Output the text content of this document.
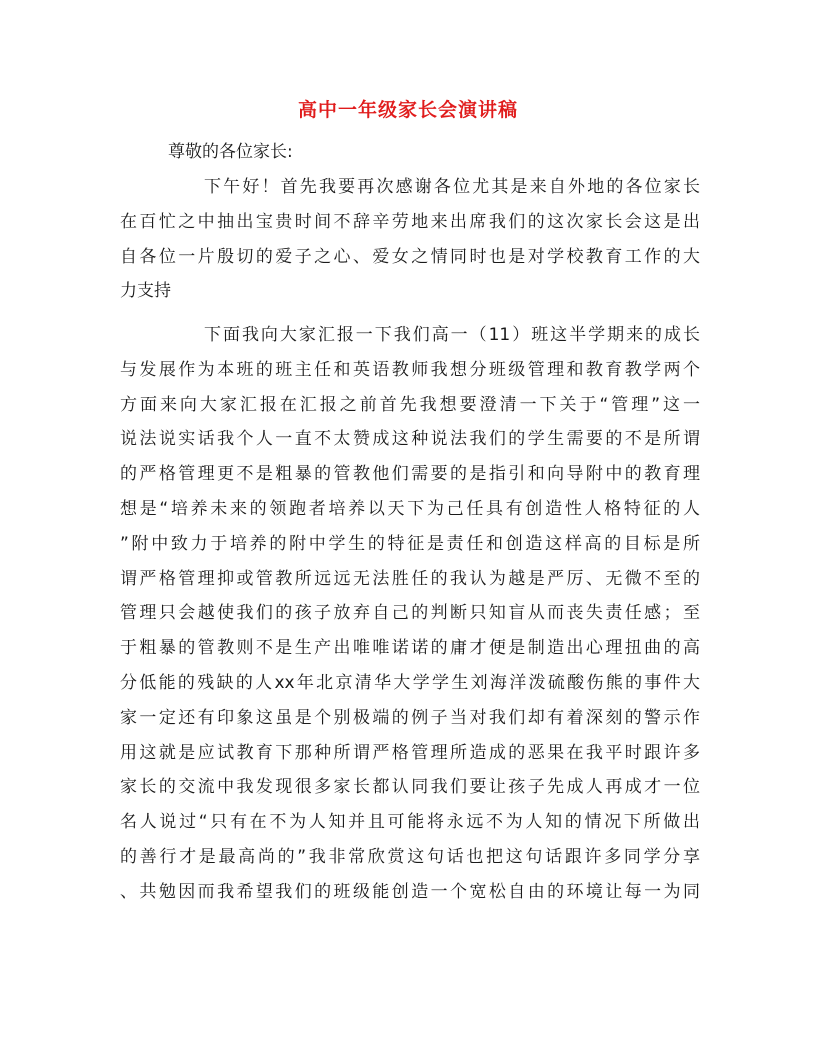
高中一年级家长会演讲稿
尊敬的各位家长:
下午好！首先我要再次感谢各位尤其是来自外地的各位家长
在百忙之中抽出宝贵时间不辞辛劳地来出席我们的这次家长会这是出
自各位一片殷切的爱子之心、爱女之情同时也是对学校教育工作的大
力支持
下面我向大家汇报一下我们高一（11）班这半学期来的成长
与发展作为本班的班主任和英语教师我想分班级管理和教育教学两个
方面来向大家汇报在汇报之前首先我想要澄清一下关于“管理”这一
说法说实话我个人一直不太赞成这种说法我们的学生需要的不是所谓
的严格管理更不是粗暴的管教他们需要的是指引和向导附中的教育理
想是“培养未来的领跑者培养以天下为己任具有创造性人格特征的人
”附中致力于培养的附中学生的特征是责任和创造这样高的目标是所
谓严格管理抑或管教所远远无法胜任的我认为越是严厉、无微不至的
管理只会越使我们的孩子放弃自己的判断只知盲从而丧失责任感；至
于粗暴的管教则不是生产出唯唯诺诺的庸才便是制造出心理扭曲的高
分低能的残缺的人xx年北京清华大学学生刘海洋泼硫酸伤熊的事件大
家一定还有印象这虽是个别极端的例子当对我们却有着深刻的警示作
用这就是应试教育下那种所谓严格管理所造成的恶果在我平时跟许多
家长的交流中我发现很多家长都认同我们要让孩子先成人再成才一位
名人说过“只有在不为人知并且可能将永远不为人知的情况下所做出
的善行才是最高尚的”我非常欣赏这句话也把这句话跟许多同学分享
、共勉因而我希望我们的班级能创造一个宽松自由的环境让每一为同
